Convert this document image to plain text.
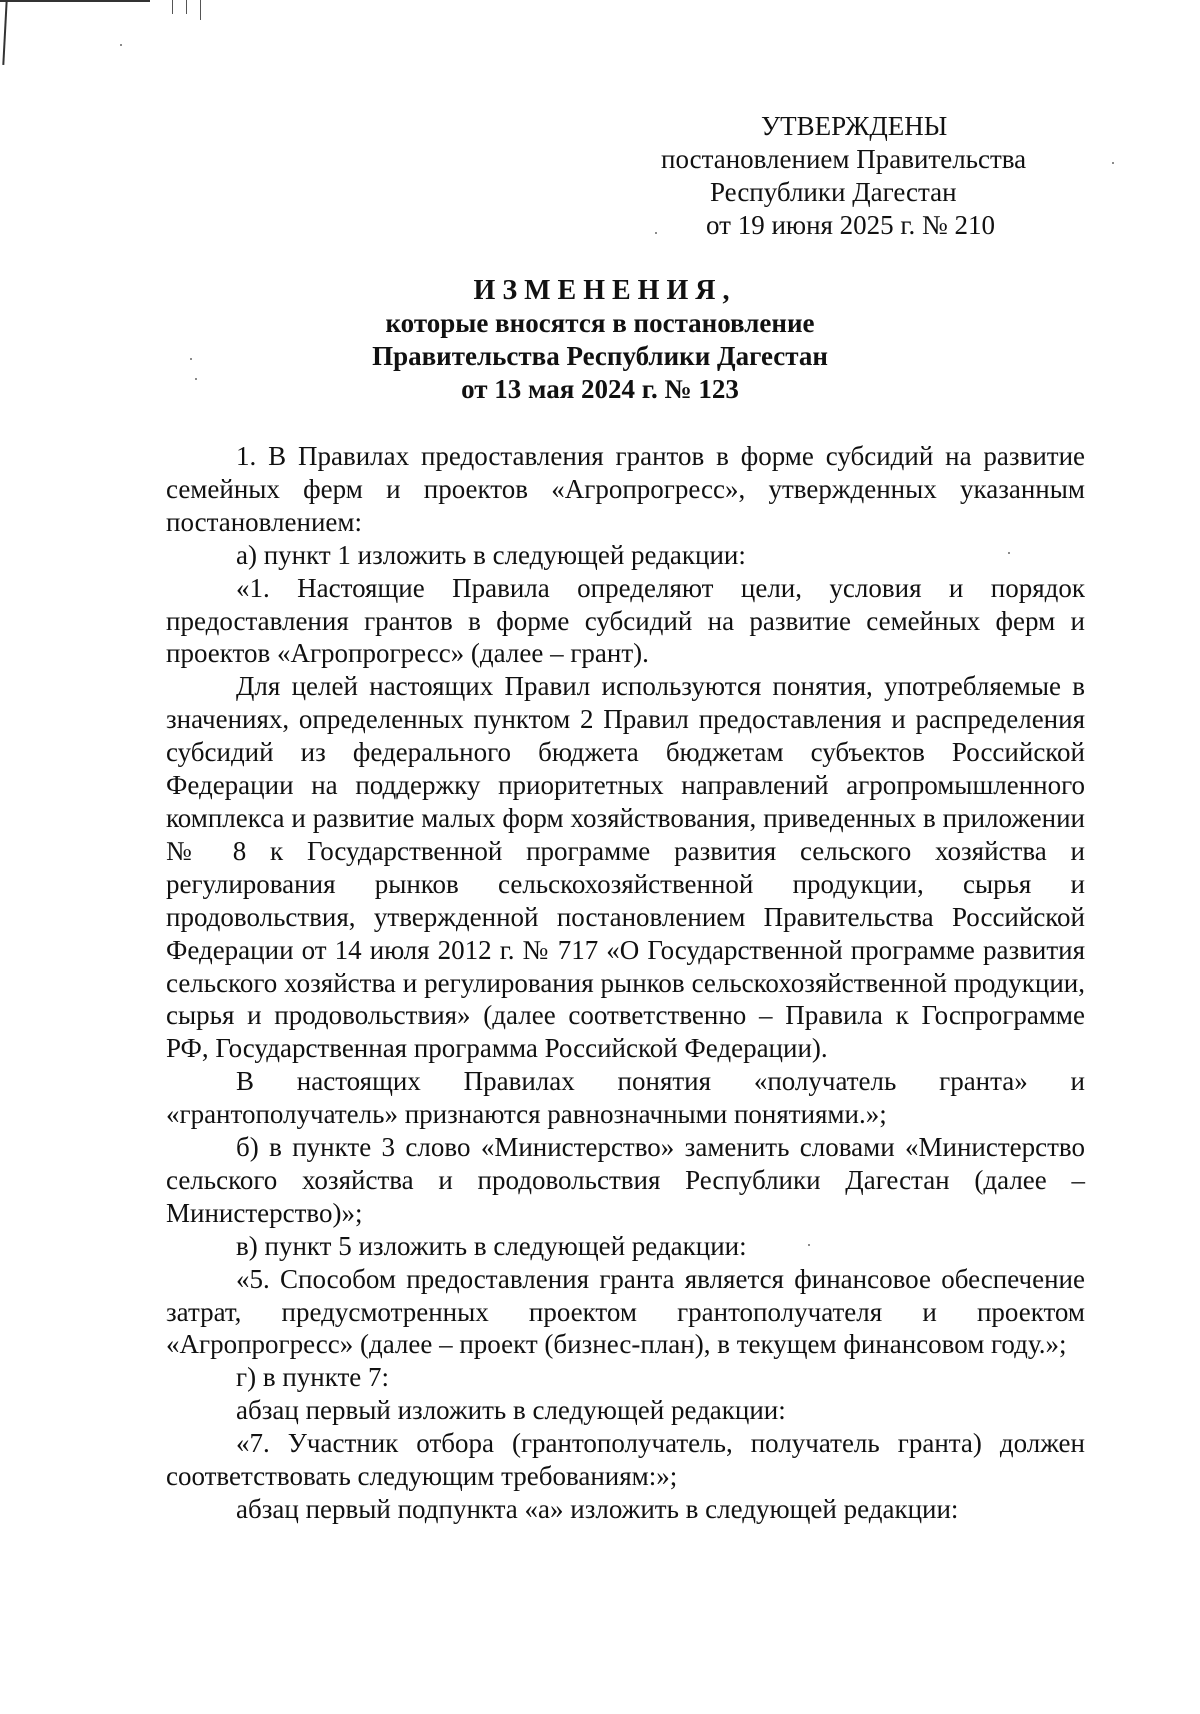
УТВЕРЖДЕНЫ
постановлением Правительства
Республики Дагестан
от 19 июня 2025 г. № 210
ИЗМЕНЕНИЯ,
которые вносятся в постановление
Правительства Республики Дагестан
от 13 мая 2024 г. № 123

1. В Правилах предоставления грантов в форме субсидий на развитие семейных ферм и проектов «Агропрогресс», утвержденных указанным постановлением:

а) пункт 1 изложить в следующей редакции:

«1. Настоящие Правила определяют цели, условия и порядок предоставления грантов в форме субсидий на развитие семейных ферм и проектов «Агропрогресс» (далее – грант).

Для целей настоящих Правил используются понятия, употребляемые в значениях, определенных пунктом 2 Правил предоставления и распределения субсидий из федерального бюджета бюджетам субъектов Российской Федерации на поддержку приоритетных направлений агропромышленного комплекса и развитие малых форм хозяйствования, приведенных в приложении № 8 к Государственной программе развития сельского хозяйства и регулирования рынков сельскохозяйственной продукции, сырья и продовольствия, утвержденной постановлением Правительства Российской Федерации от 14 июля 2012 г. № 717 «О Государственной программе развития сельского хозяйства и регулирования рынков сельскохозяйственной продукции, сырья и продовольствия» (далее соответственно – Правила к Госпрограмме РФ, Государственная программа Российской Федерации).

В настоящих Правилах понятия «получатель гранта» и «грантополучатель» признаются равнозначными понятиями.»;

б) в пункте 3 слово «Министерство» заменить словами «Министерство сельского хозяйства и продовольствия Республики Дагестан (далее – Министерство)»;

в) пункт 5 изложить в следующей редакции:

«5. Способом предоставления гранта является финансовое обеспечение затрат, предусмотренных проектом грантополучателя и проектом «Агропрогресс» (далее – проект (бизнес-план), в текущем финансовом году.»;

г) в пункте 7:

абзац первый изложить в следующей редакции:

«7. Участник отбора (грантополучатель, получатель гранта) должен соответствовать следующим требованиям:»;

абзац первый подпункта «а» изложить в следующей редакции:
